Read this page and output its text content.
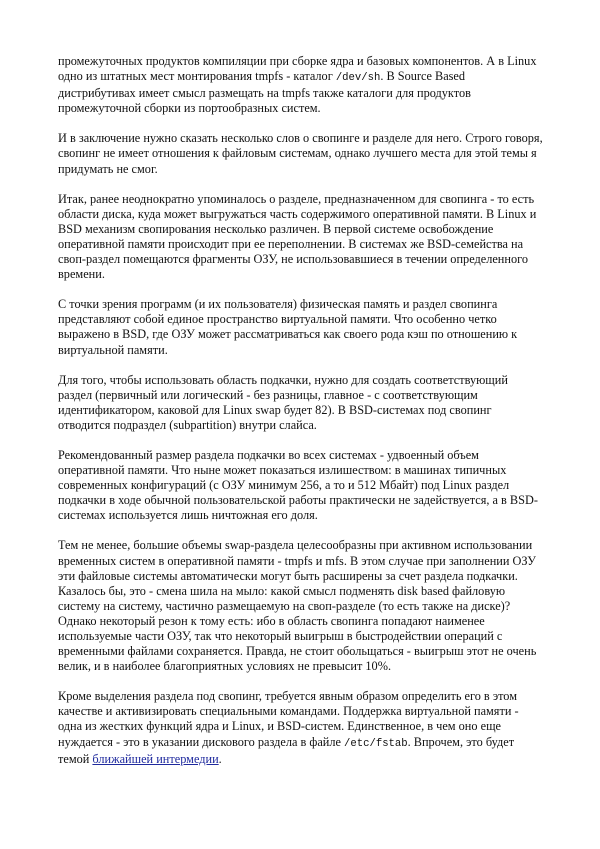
промежуточных продуктов компиляции при сборке ядра и базовых компонентов. А в Linux одно из штатных мест монтирования tmpfs - каталог /dev/sh. В Source Based дистрибутивах имеет смысл размещать на tmpfs также каталоги для продуктов промежуточной сборки из портообразных систем.

И в заключение нужно сказать несколько слов о свопинге и разделе для него. Строго говоря, свопинг не имеет отношения к файловым системам, однако лучшего места для этой темы я придумать не смог.

Итак, ранее неоднократно упоминалось о разделе, предназначенном для свопинга - то есть области диска, куда может выгружаться часть содержимого оперативной памяти. В Linux и BSD механизм свопирования несколько различен. В первой системе освобождение оперативной памяти происходит при ее переполнении. В системах же BSD-семейства на своп-раздел помещаются фрагменты ОЗУ, не использовавшиеся в течении определенного времени.

С точки зрения программ (и их пользователя) физическая память и раздел свопинга представляют собой единое пространство виртуальной памяти. Что особенно четко выражено в BSD, где ОЗУ может рассматриваться как своего рода кэш по отношению к виртуальной памяти.

Для того, чтобы использовать область подкачки, нужно для создать соответствующий раздел (первичный или логический - без разницы, главное - с соответствующим идентификатором, каковой для Linux swap будет 82). В BSD-системах под свопинг отводится подраздел (subpartition) внутри слайса.

Рекомендованный размер раздела подкачки во всех системах - удвоенный объем оперативной памяти. Что ныне может показаться излишеством: в машинах типичных современных конфигураций (с ОЗУ минимум 256, а то и 512 Мбайт) под Linux раздел подкачки в ходе обычной пользовательской работы практически не задействуется, а в BSD-системах используется лишь ничтожная его доля.

Тем не менее, большие объемы swap-раздела целесообразны при активном использовании временных систем в оперативной памяти - tmpfs и mfs. В этом случае при заполнении ОЗУ эти файловые системы автоматически могут быть расширены за счет раздела подкачки. Казалось бы, это - смена шила на мыло: какой смысл подменять disk based файловую систему на систему, частично размещаемую на своп-разделе (то есть также на диске)? Однако некоторый резон к тому есть: ибо в область свопинга попадают наименее используемые части ОЗУ, так что некоторый выигрыш в быстродействии операций с временными файлами сохраняется. Правда, не стоит обольщаться - выигрыш этот не очень велик, и в наиболее благоприятных условиях не превысит 10%.

Кроме выделения раздела под свопинг, требуется явным образом определить его в этом качестве и активизировать специальными командами. Поддержка виртуальной памяти - одна из жестких функций ядра и Linux, и BSD-систем. Единственное, в чем оно еще нуждается - это в указании дискового раздела в файле /etc/fstab. Впрочем, это будет темой ближайшей интермедии.
